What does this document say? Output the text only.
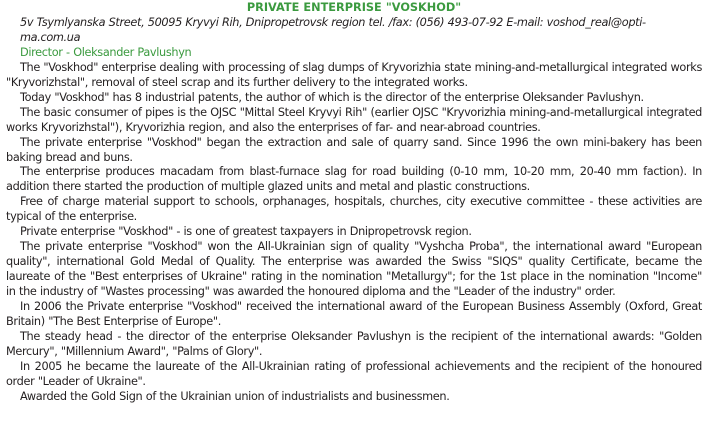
PRIVATE ENTERPRISE "VOSKHOD"
5v Tsymlyanska Street, 50095 Kryvyi Rih, Dnipropetrovsk region tel. /fax: (056) 493-07-92 E-mail: voshod_real@opti-
ma.com.ua
Director - Oleksander Pavlushyn

The "Voskhod" enterprise dealing with processing of slag dumps of Kryvorizhia state mining-and-metallurgical integrated works "Kryvorizhstal", removal of steel scrap and its further delivery to the integrated works.

Today "Voskhod" has 8 industrial patents, the author of which is the director of the enterprise Oleksander Pavlushyn.

The basic consumer of pipes is the OJSC "Mittal Steel Kryvyi Rih" (earlier OJSC "Kryvorizhia mining-and-metallurgical integrated works Kryvorizhstal"), Kryvorizhia region, and also the enterprises of far- and near-abroad countries.

The private enterprise "Voskhod" began the extraction and sale of quarry sand. Since 1996 the own mini-bakery has been baking bread and buns.

The enterprise produces macadam from blast-furnace slag for road building (0-10 mm, 10-20 mm, 20-40 mm faction). In addition there started the production of multiple glazed units and metal and plastic constructions.

Free of charge material support to schools, orphanages, hospitals, churches, city executive committee - these activities are typical of the enterprise.

Private enterprise "Voskhod" - is one of greatest taxpayers in Dnipropetrovsk region.

The private enterprise "Voskhod" won the All-Ukrainian sign of quality "Vyshcha Proba", the international award "European quality", international Gold Medal of Quality. The enterprise was awarded the Swiss "SIQS" quality Certificate, became the laureate of the "Best enterprises of Ukraine" rating in the nomination "Metallurgy"; for the 1st place in the nomination "Income" in the industry of "Wastes processing" was awarded the honoured diploma and the "Leader of the industry" order.

In 2006 the Private enterprise "Voskhod" received the international award of the European Business Assembly (Oxford, Great Britain) "The Best Enterprise of Europe".

The steady head - the director of the enterprise Oleksander Pavlushyn is the recipient of the international awards: "Golden Mercury", "Millennium Award", "Palms of Glory".

In 2005 he became the laureate of the All-Ukrainian rating of professional achievements and the recipient of the honoured order "Leader of Ukraine".

Awarded the Gold Sign of the Ukrainian union of industrialists and businessmen.
